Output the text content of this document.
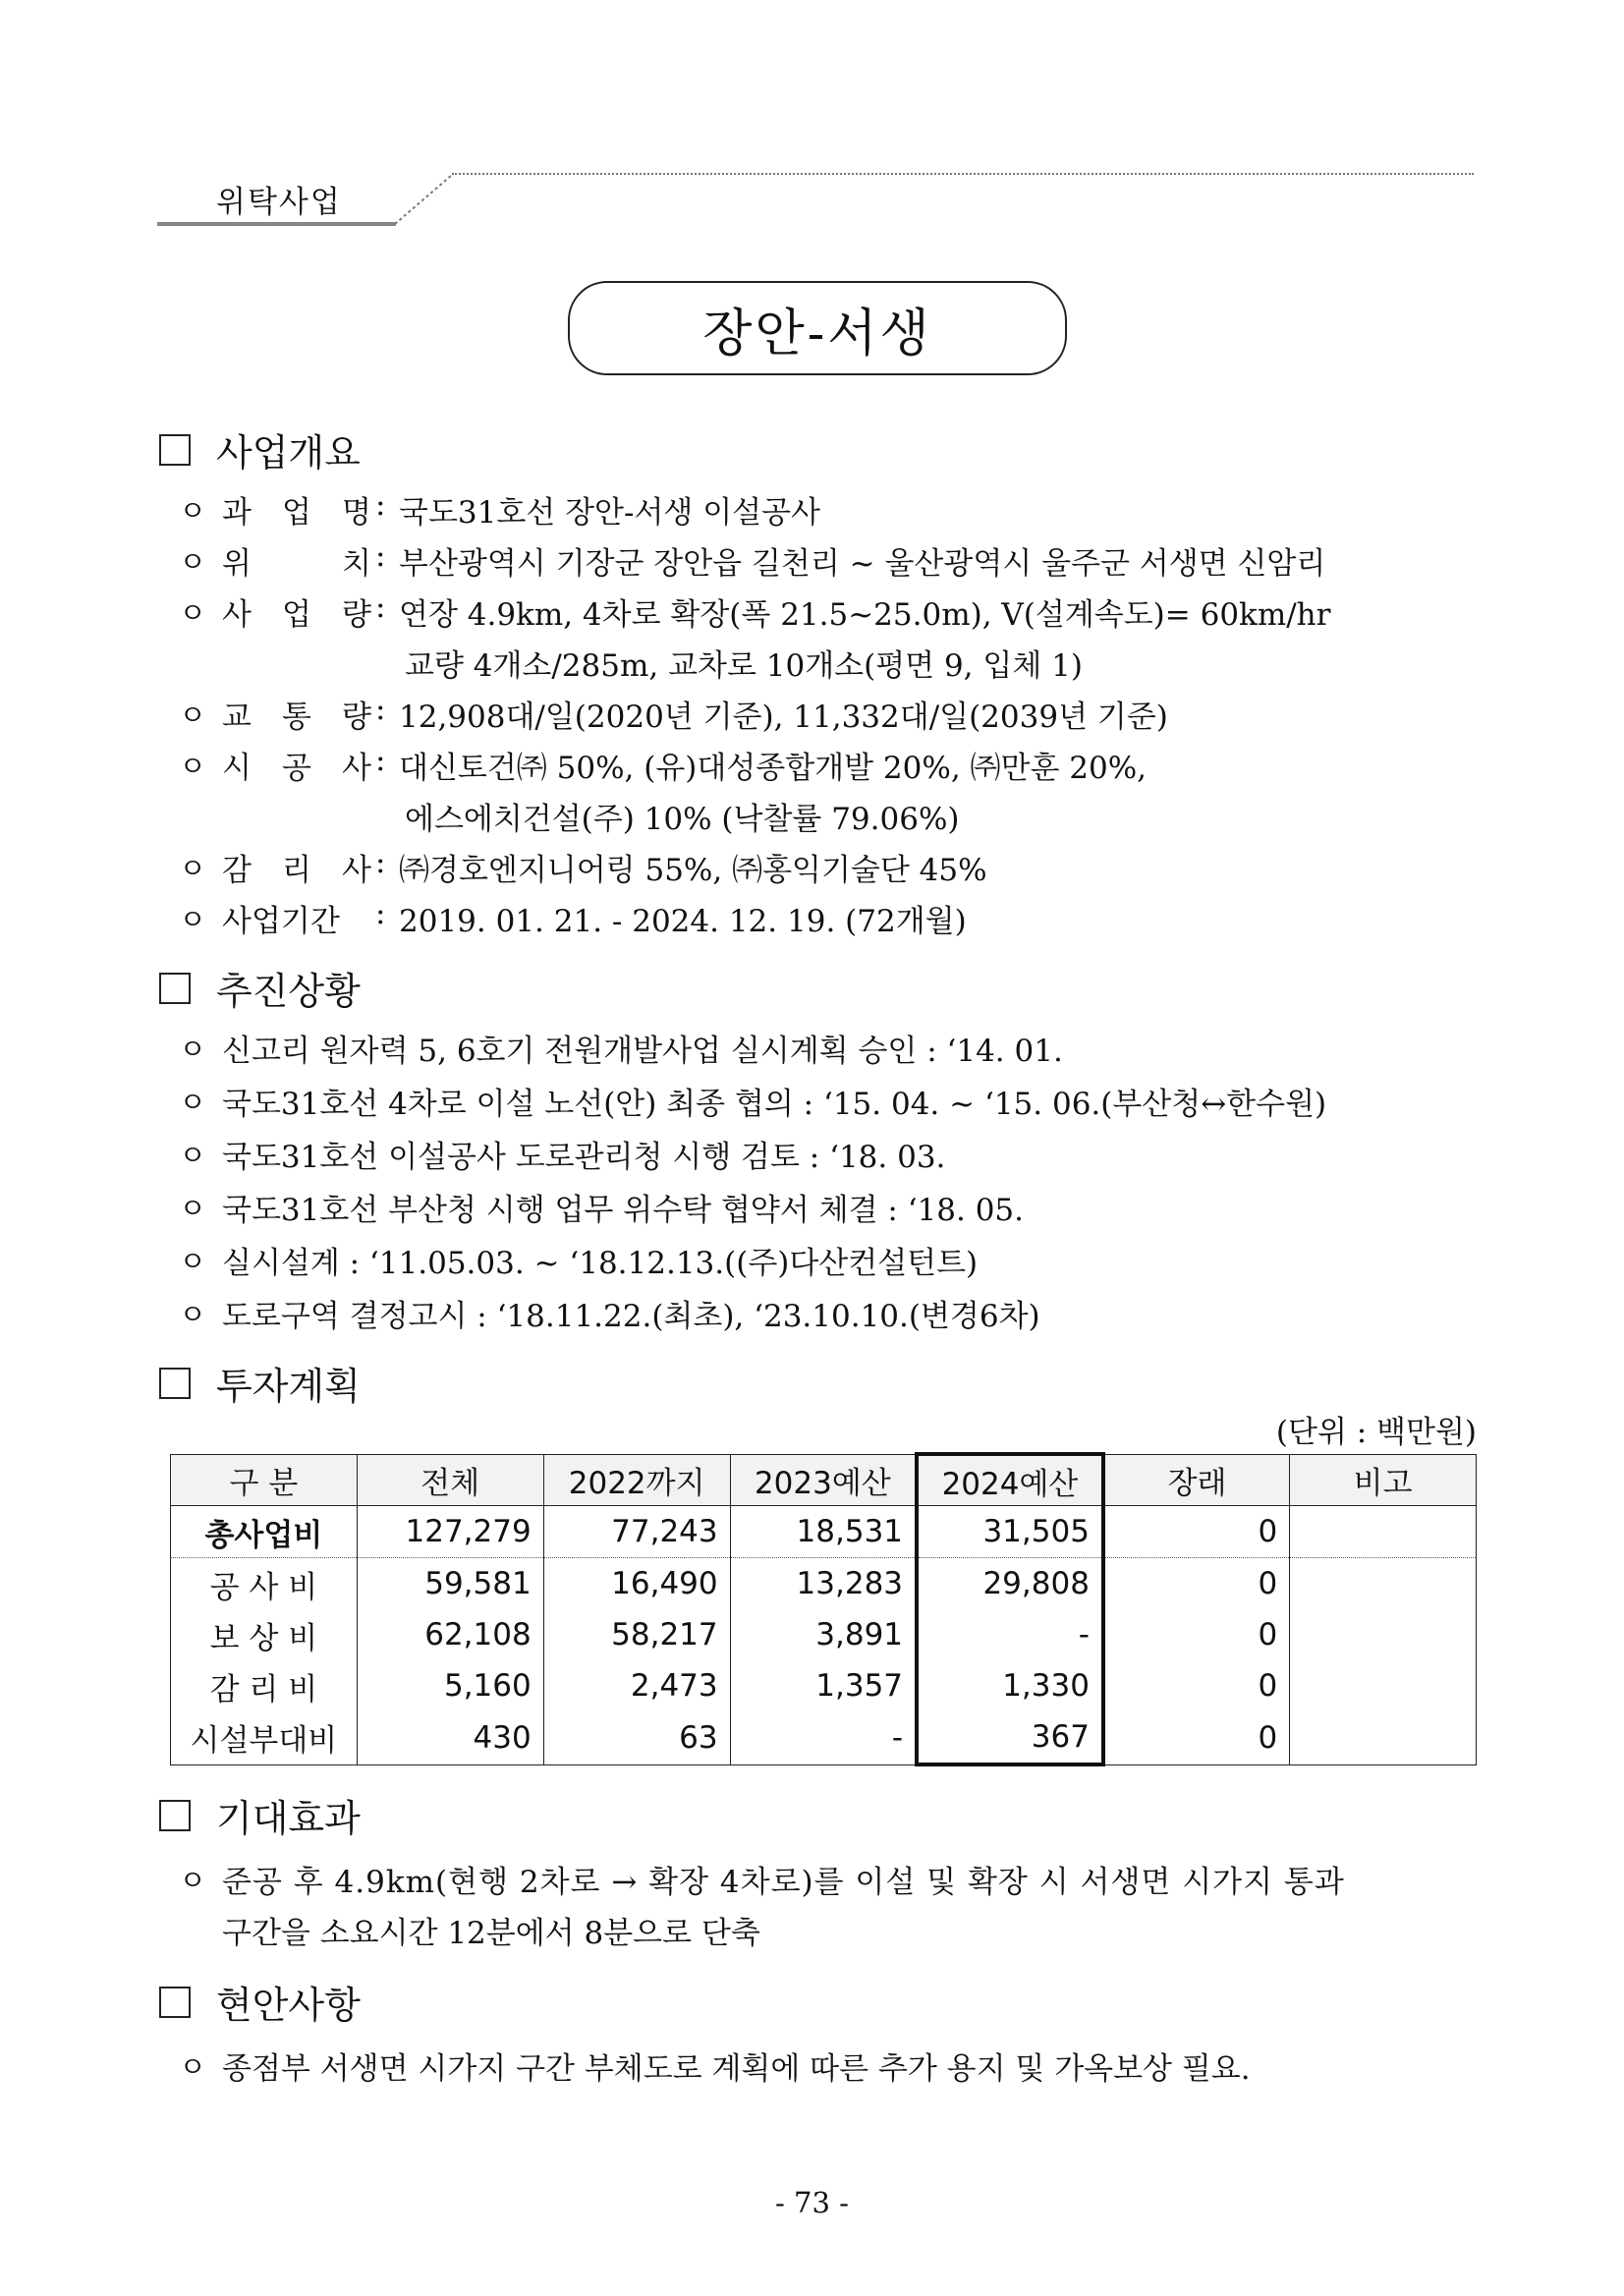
위탁사업
장안-서생
사업개요
ㅇ 과 업 명 : 국도31호선 장안-서생 이설공사
ㅇ 위	치 : 부산광역시 기장군 장안읍 길천리 ~ 울산광역시 울주군 서생면 신암리
ㅇ 사 업 량 : 연장 4.9km, 4차로 확장(폭 21.5~25.0m), V(설계속도)= 60km/hr
교량 4개소/285m, 교차로 10개소(평면 9, 입체 1)
ㅇ 교 통 량 : 12,908대/일(2020년 기준), 11,332대/일(2039년 기준)
ㅇ 시 공 사 : 대신토건㈜ 50%, (유)대성종합개발 20%, ㈜만훈 20%,
에스에치건설(주) 10% (낙찰률 79.06%)
ㅇ 감 리 사 : ㈜경호엔지니어링 55%, ㈜홍익기술단 45%
ㅇ 사업기간 : 2019. 01. 21. - 2024. 12. 19. (72개월)
추진상황
ㅇ 신고리 원자력 5, 6호기 전원개발사업 실시계획 승인 : ‘14. 01.
ㅇ 국도31호선 4차로 이설 노선(안) 최종 협의 : ‘15. 04. ~ ‘15. 06.(부산청↔한수원)
ㅇ 국도31호선 이설공사 도로관리청 시행 검토 : ‘18. 03.
ㅇ 국도31호선 부산청 시행 업무 위수탁 협약서 체결 : ‘18. 05.
ㅇ 실시설계 : ‘11.05.03. ~ ‘18.12.13.((주)다산컨설턴트)
ㅇ 도로구역 결정고시 : ‘18.11.22.(최초), ‘23.10.10.(변경6차)
투자계획
(단위 : 백만원)
구 분	전체	2022까지	2023예산	2024예산	장래	비고
총사업비	127,279	77,243	18,531	31,505	0	
공 사 비	59,581	16,490	13,283	29,808	0	
보 상 비	62,108	58,217	3,891	-	0	
감 리 비	5,160	2,473	1,357	1,330	0	
시설부대비	430	63	-	367	0	
기대효과
ㅇ 준공 후 4.9km(현행 2차로 → 확장 4차로)를 이설 및 확장 시 서생면 시가지 통과
구간을 소요시간 12분에서 8분으로 단축
현안사항
ㅇ 종점부 서생면 시가지 구간 부체도로 계획에 따른 추가 용지 및 가옥보상 필요.
- 73 -
